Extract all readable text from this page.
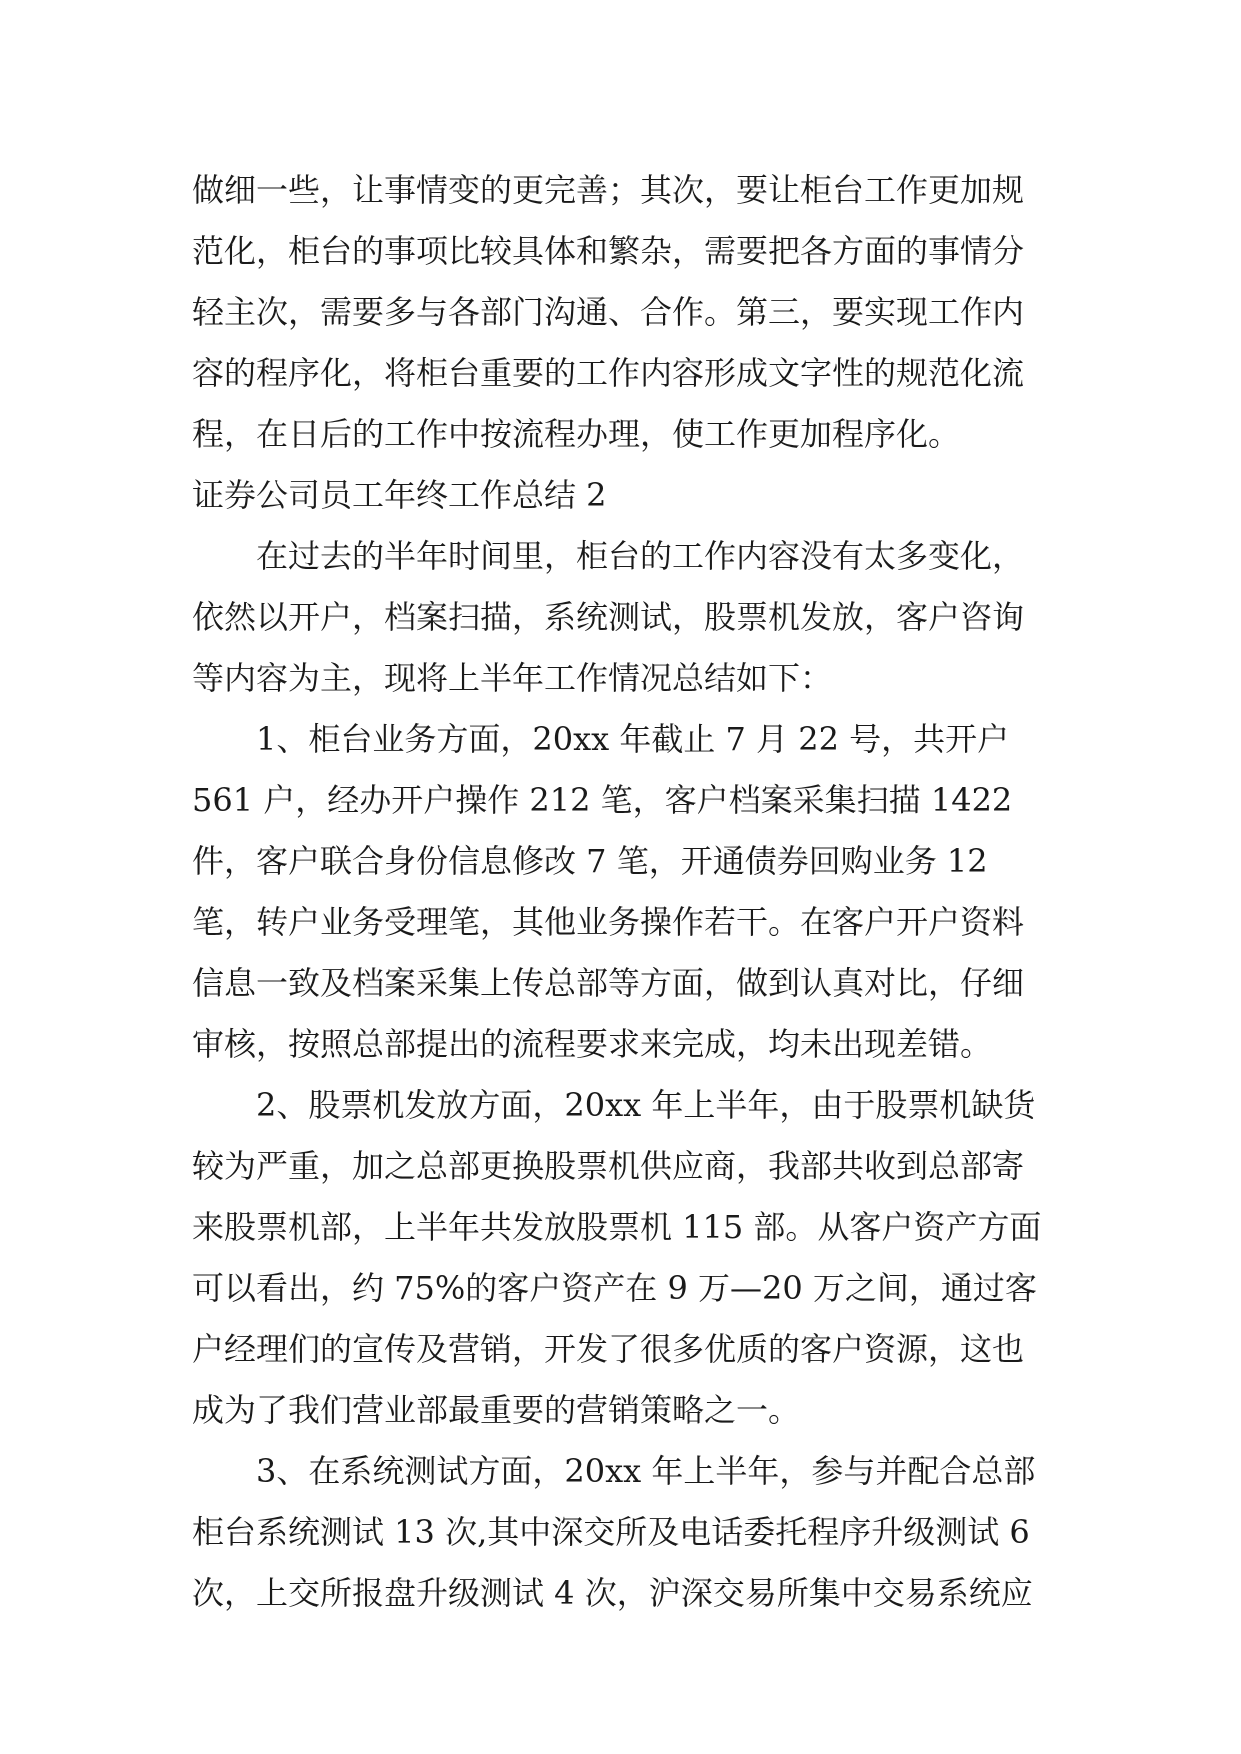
做细一些，让事情变的更完善；其次，要让柜台工作更加规范化，柜台的事项比较具体和繁杂，需要把各方面的事情分轻主次，需要多与各部门沟通、合作。第三，要实现工作内容的程序化，将柜台重要的工作内容形成文字性的规范化流程，在日后的工作中按流程办理，使工作更加程序化。

证券公司员工年终工作总结 2

在过去的半年时间里，柜台的工作内容没有太多变化，依然以开户，档案扫描，系统测试，股票机发放，客户咨询等内容为主，现将上半年工作情况总结如下：

1、柜台业务方面，20xx 年截止 7 月 22 号，共开户 561 户，经办开户操作 212 笔，客户档案采集扫描 1422 件，客户联合身份信息修改 7 笔，开通债券回购业务 12 笔，转户业务受理笔，其他业务操作若干。在客户开户资料信息一致及档案采集上传总部等方面，做到认真对比，仔细审核，按照总部提出的流程要求来完成，均未出现差错。

2、股票机发放方面，20xx 年上半年，由于股票机缺货较为严重，加之总部更换股票机供应商，我部共收到总部寄来股票机部，上半年共发放股票机 115 部。从客户资产方面可以看出，约 75%的客户资产在 9 万—20 万之间，通过客户经理们的宣传及营销，开发了很多优质的客户资源，这也成为了我们营业部最重要的营销策略之一。

3、在系统测试方面，20xx 年上半年，参与并配合总部柜台系统测试 13 次,其中深交所及电话委托程序升级测试 6 次，上交所报盘升级测试 4 次，沪深交易所集中交易系统应
